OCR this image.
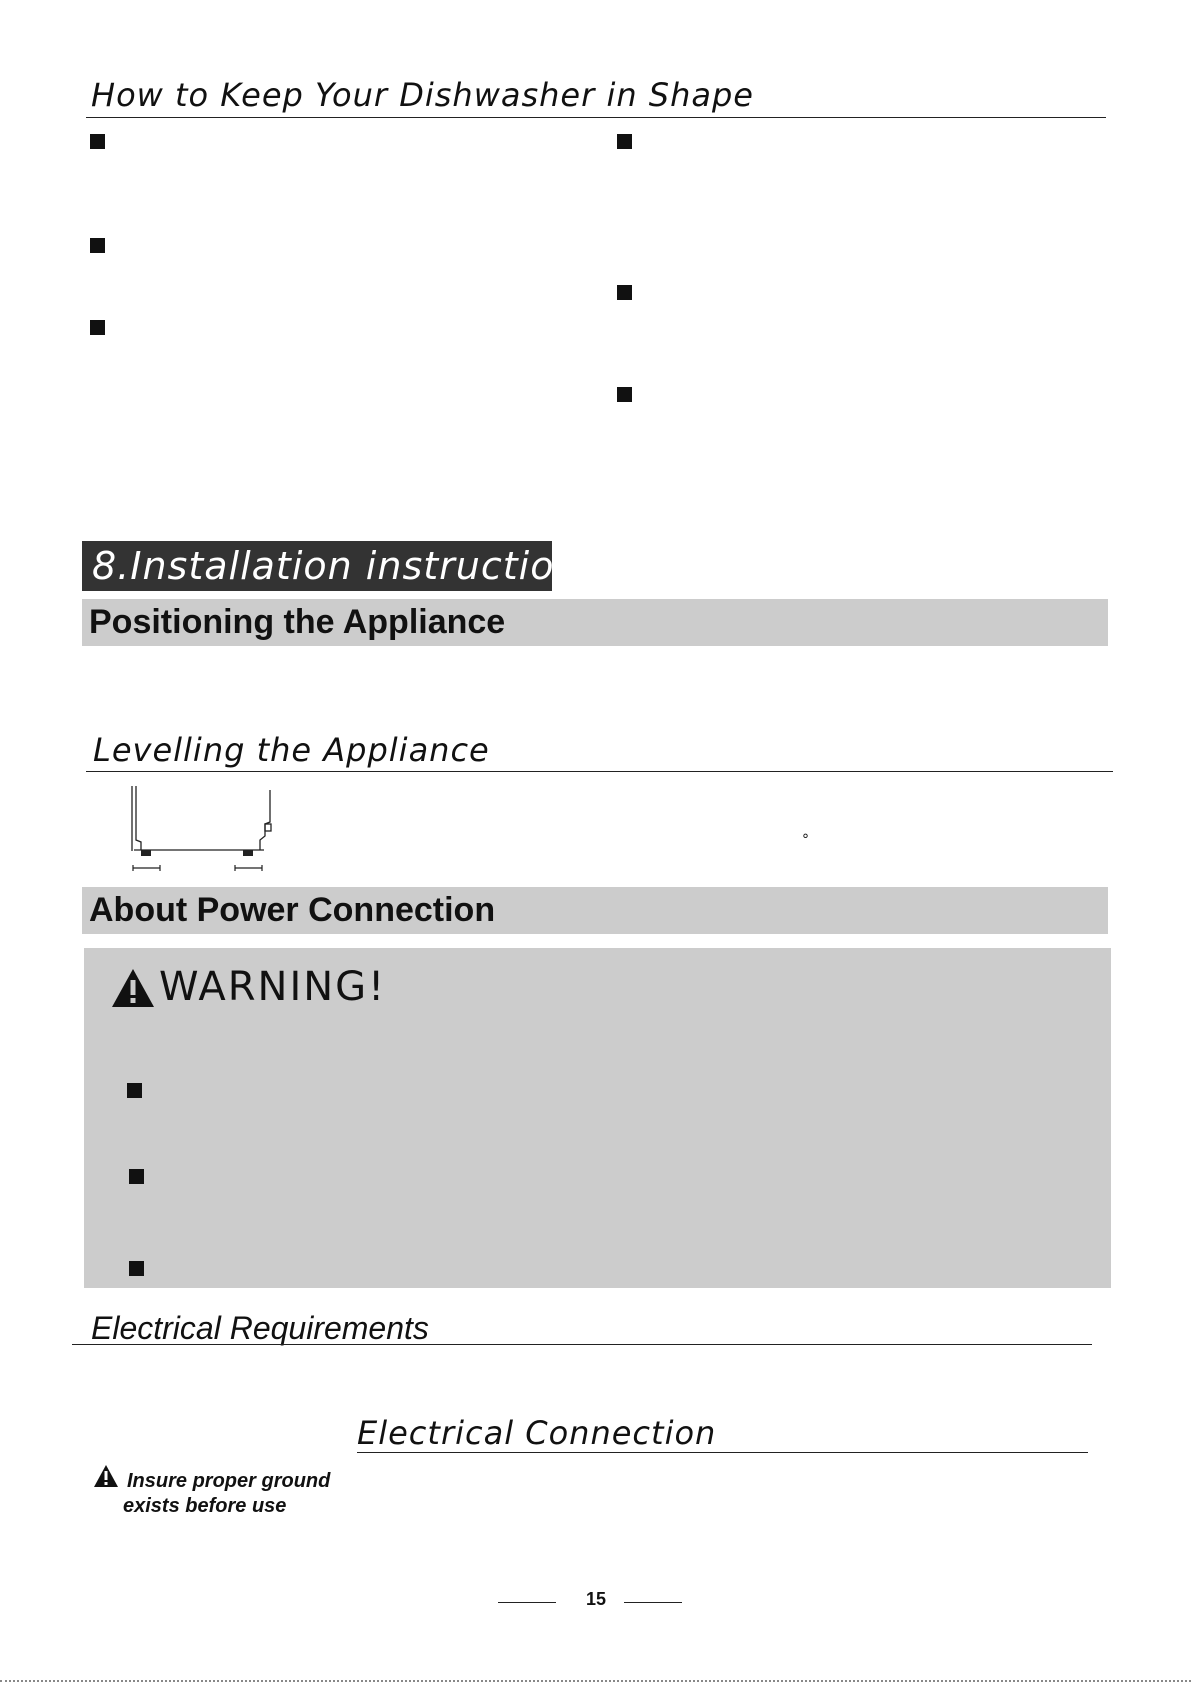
How to Keep Your Dishwasher in Shape
8.Installation instruction
Positioning the Appliance
Levelling the Appliance
°
About Power Connection
WARNING!
Electrical Requirements
Electrical Connection
Insure proper ground
exists before use
15
